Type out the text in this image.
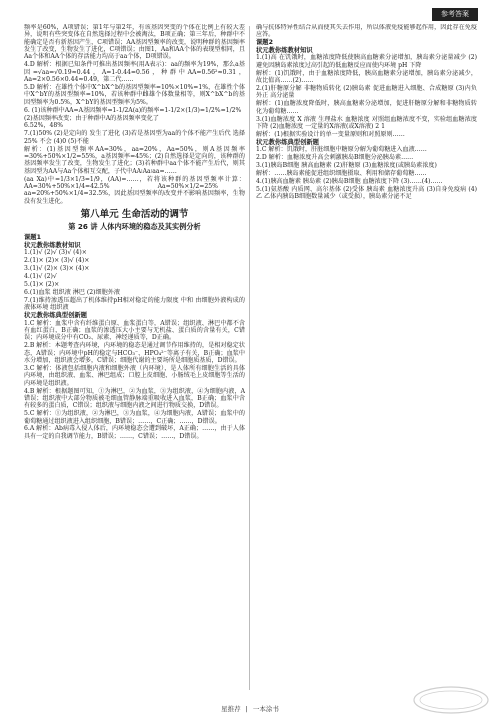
参考答案

频率是60%，A项错误；第1年与第2年，有该基因突变的个体在比例上有较大差异，说明有些突变体在自然选择过程中会被淘汰，B项正确；第三年后，种群中不能确定是否有新基因产生，C项错误；AA基因型频率的改变，说明种群的基因频率发生了改变，生物发生了进化，C项错误；由图1，Aa和AA个体的表现型相同，且Aa个体和AA个体的存活能力均高于aa个体，D项错误。

4.D 解析：根据已知条件可推出基因频率(用A表示)：aa的频率为19%，那么a基因=√aa=√0.19≈0.44，A=1-0.44=0.56，种群中AA=0.56²≈0.31，Aa=2×0.56×0.44≈0.49，第二代……

5.D 解析：在雄性个体中X^bX^b的基因型频率=10%×10%=1%，在雄性个体中X^bY的基因型频率=10%，若该种群中雌雄个体数量相等，则X^bX^b的基因型频率为0.5%，X^bY的基因型频率为5%。

6. (1)该种群中AA=A基因频率=1-1/2A(a)的频率=1-1/2×(1/3)=1/2%=1/2%

(2)基因频率改变；由于种群中A的基因频率变化了

6.52%，48%

7.(1)50% (2)是定向的 发生了进化 (3)若是基因型为aa的个体不能产生后代 选择 25% 不会 (4)0 (5)不能

解析：(1)基因型频率AA=30%，aa=20%，Aa=50%，则A基因频率=30%+50%×1/2=55%，a基因频率=45%；(2)自然选择是定向的，该种群的基因频率发生了改变，生物发生了进化；(3)若种群中aa个体不能产生后代，则其基因型为AA与Aa个体相互交配，子代中AA∶Aa∶aa=……

(aa Xa)中=1/3×1/3=1/9，(AA)=……，若将该种群的基因型频率计算：AA=30%+50%×1/4=42.5%，Aa=50%×1/2=25%，aa=20%+50%×1/4=32.5%，因此基因型频率的改变并不影响基因频率，生物没有发生进化。

第八单元 生命活动的调节
第 26 讲 人体内环境的稳态及其实例分析
课题1
状元教你练教材知识

1.(1)√ (2)√ (3)√ (4)×

2.(1)× (2)× (3)√ (4)×

3.(1)√ (2)× (3)× (4)×

4.(1)√ (2)√

5.(1)× (2)×

6.(1)血浆 组织液 淋巴 (2)细胞外液

7.(1)维持渗透压超出了机体维持pH相对稳定的能力限度 中和 由细胞外液构成的液体环境 组织液

状元教你练典型创新题

1.C 解析：血浆中含有纤维蛋白原、血浆蛋白等，A错误；组织液、淋巴中都不含有血红蛋白，B正确；血浆的渗透压大小主要与无机盐、蛋白质的含量有关，C错误；内环境成分中有CO₂、尿素、神经递质等，D正确。

2.B 解析：本题考查内环境，内环境的稳态是通过调节作用维持的，是相对稳定状态，A错误；内环境中pH的稳定与HCO₃⁻、HPO₄²⁻等离子有关，B正确；血浆中水分增加，组织液会增多，C错误；细胞代谢的主要场所是细胞质基质，D错误。

3.C 解析：体液包括细胞内液和细胞外液（内环境），是人体所有细胞生活的具体内环境，由组织液、血浆、淋巴组成；口腔上皮细胞、小肠绒毛上皮细胞等生活的内环境是组织液。

4.B 解析：根据题图可知，①为淋巴，②为血浆，③为组织液，④为细胞内液，A错误；组织液中大部分物质被毛细血管静脉端重吸收进入血浆，B正确；血浆中含有较多的蛋白质，C错误；组织液与细胞内液之间进行物质交换，D错误。

5.C 解析：①为组织液，②为淋巴，③为血浆，④为细胞内液，A错误；血浆中的葡萄糖通过组织液进入组织细胞，B错误；……，C正确；……，D错误。

6.A 解析：Ab病毒入侵人体后，内环境稳态会遭到破坏，A正确；……，由于人体具有一定的自我调节能力，B错误；……，C错误；……，D错误。

确与抗体特异性结合从而使其失去作用，所以体液免疫能够起作用，因此存在免疫应答。

课题2
状元教你练教材知识

1.(1)高 在饥饿时，血糖浓度降低使胰高血糖素分泌增加，胰岛素分泌量减少 (2)避免因胰岛素浓度过高引起的低血糖反应而使内环境 pH 下降

解析：(1)饥饿时，由于血糖浓度降低，胰高血糖素分泌增加，胰岛素分泌减少，故比值高……(2)……

2.(1)肝糖原分解 非糖物质转化 (2)胰岛素 促进血糖进入细胞、合成糖原 (3)内负外正 高分泌量

解析：(1)血糖浓度降低时，胰高血糖素分泌增加，促进肝糖原分解和非糖物质转化为葡萄糖……

3.(1)血糖浓度 X 溶液 生理盐水 血糖浓度 对照组血糖浓度不变，实验组血糖浓度下降 (2)血糖浓度 一定量的X溶液(或X溶液) 2 1

解析：(1)根据实验设计的单一变量原则和对照原则……

状元教你练典型创新题

1.C 解析：饥饿时，肝脏细胞中糖原分解为葡萄糖进入血液……

2.D 解析：血糖浓度升高会刺激胰岛B细胞分泌胰岛素……

3.(1)胰岛B细胞 胰高血糖素 (2)肝糖原 (3)血糖浓度(或胰岛素浓度)

解析：……胰岛素能促进组织细胞摄取、利用和储存葡萄糖……

4.(1)胰高血糖素 胰岛素 (2)胰岛B细胞 血糖浓度下降 (3)……(4)……

5.(1)氨基酸 内质网、高尔基体 (2)受体 胰岛素 血糖浓度升高 (3)自身免疫病 (4)乙 乙体内胰岛B细胞数量减少（或受损），胰岛素分泌不足

星推荐 | 一本涂书
